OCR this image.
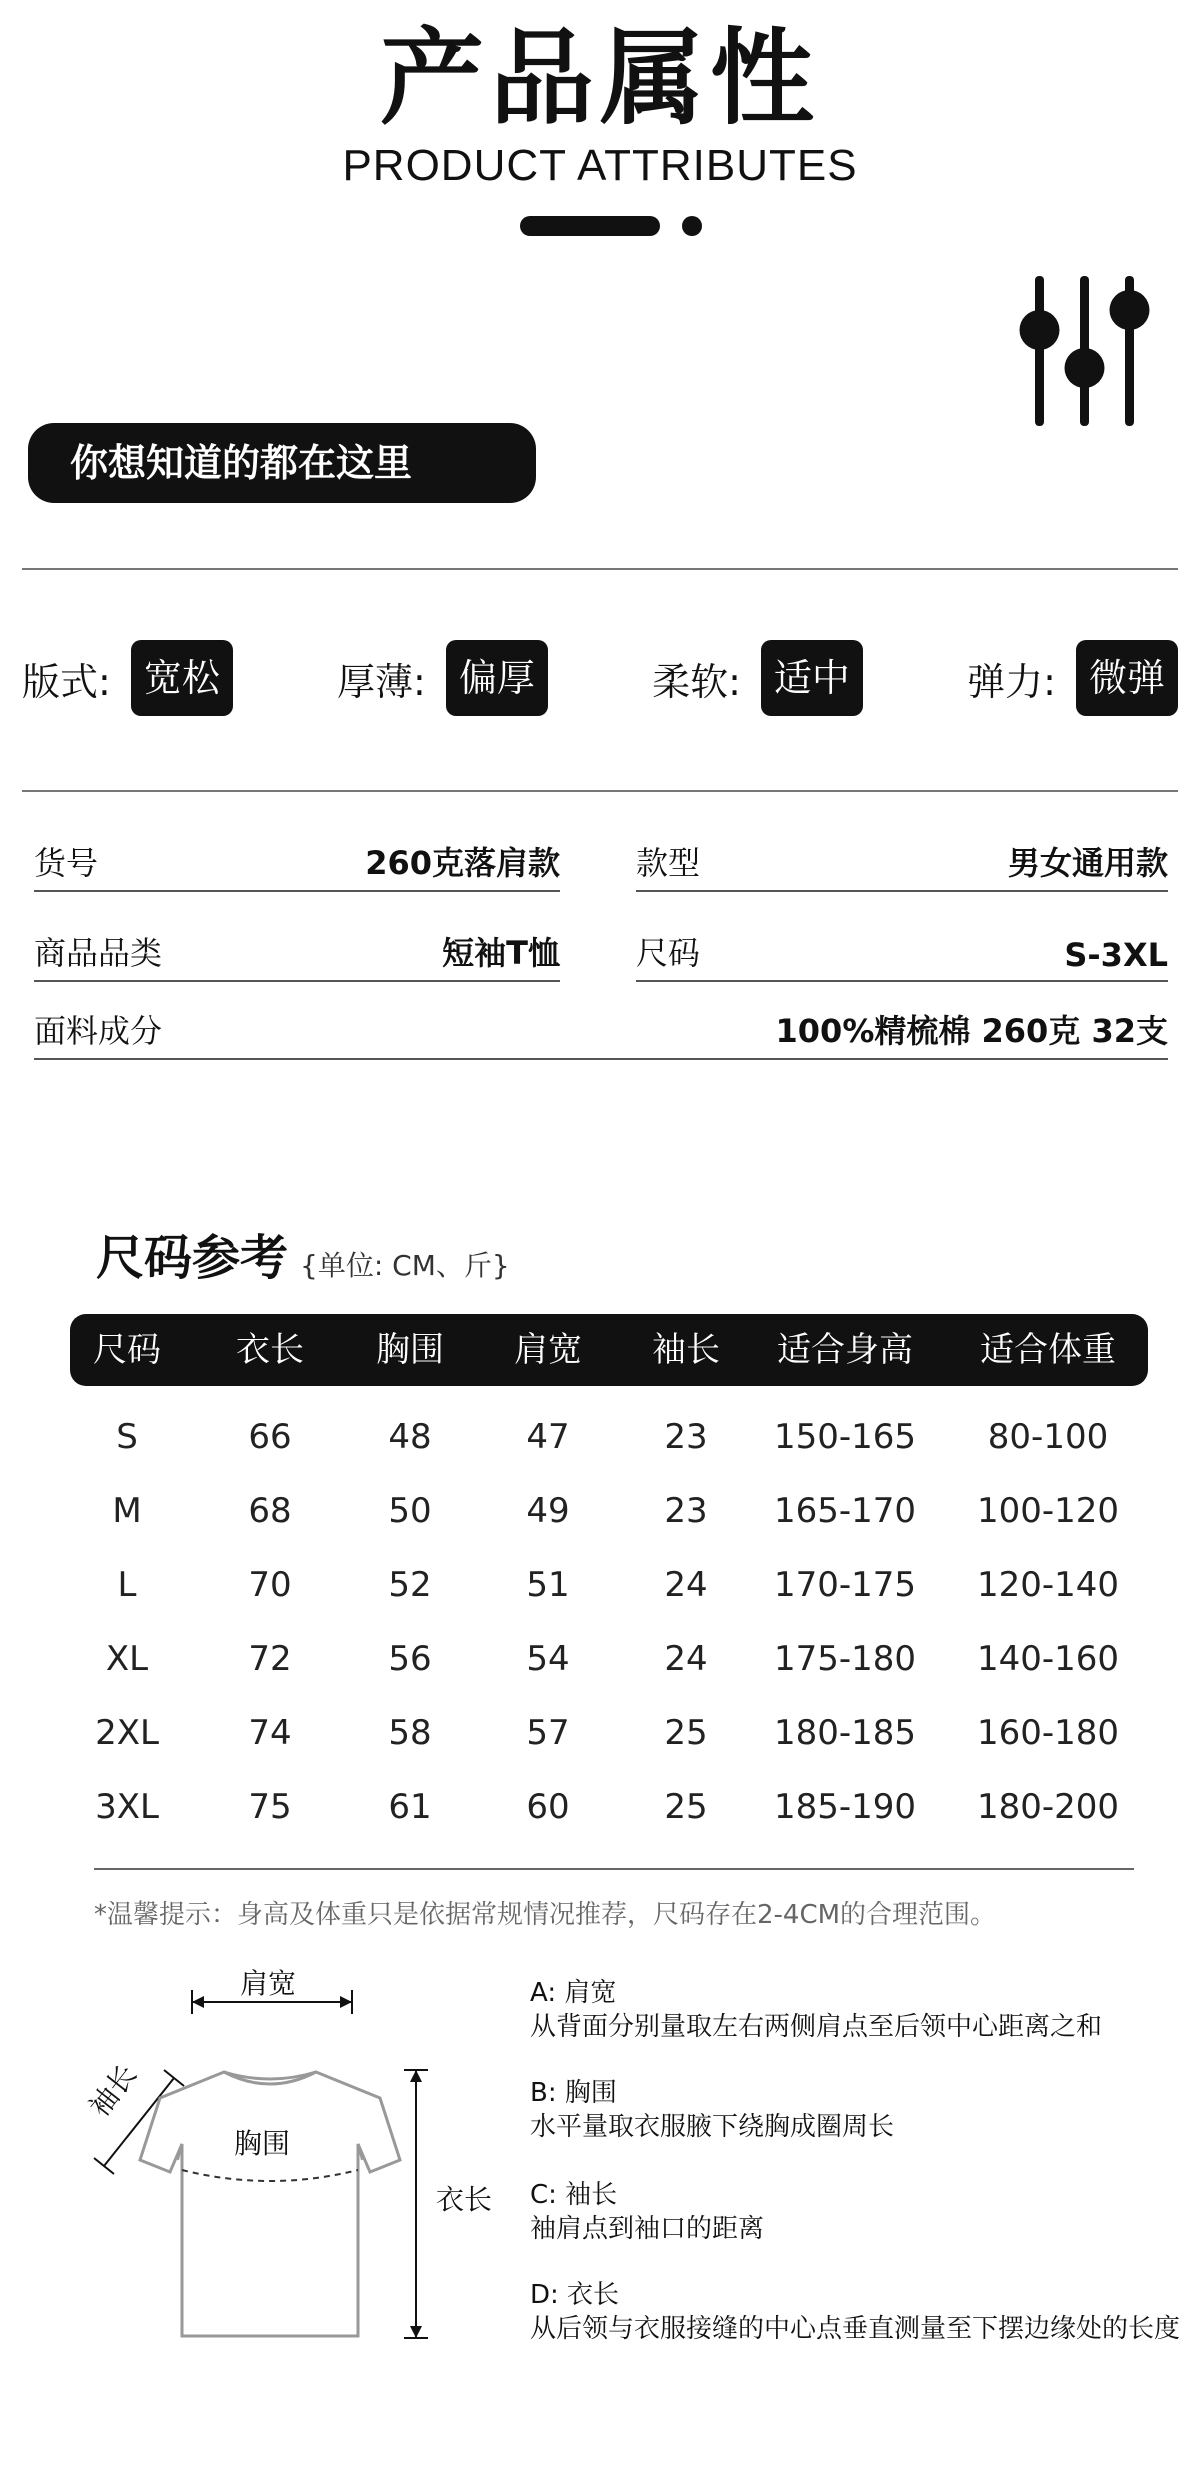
产品属性
PRODUCT ATTRIBUTES
你想知道的都在这里
版式: 宽松	厚薄: 偏厚	柔软: 适中	弹力: 微弹
货号	260克落肩款 款型	男女通用款
商品品类	短袖T恤 尺码	S-3XL
面料成分	100%精梳棉 260克 32支
尺码参考 {单位: CM、斤}
尺码	衣长	胸围	肩宽	袖长	适合身高	适合体重
S	66	48	47	23	150-165	80-100
M	68	50	49	23	165-170	100-120
L	70	52	51	24	170-175	120-140
XL	72	56	54	24	175-180	140-160
2XL	74	58	57	25	180-185	160-180
3XL	75	61	60	25	185-190	180-200
*温馨提示：身高及体重只是依据常规情况推荐，尺码存在2-4CM的合理范围。
肩宽
袖长
胸围
衣长
A: 肩宽
从背面分别量取左右两侧肩点至后领中心距离之和
B: 胸围
水平量取衣服腋下绕胸成圈周长
C: 袖长
袖肩点到袖口的距离
D: 衣长
从后领与衣服接缝的中心点垂直测量至下摆边缘处的长度
